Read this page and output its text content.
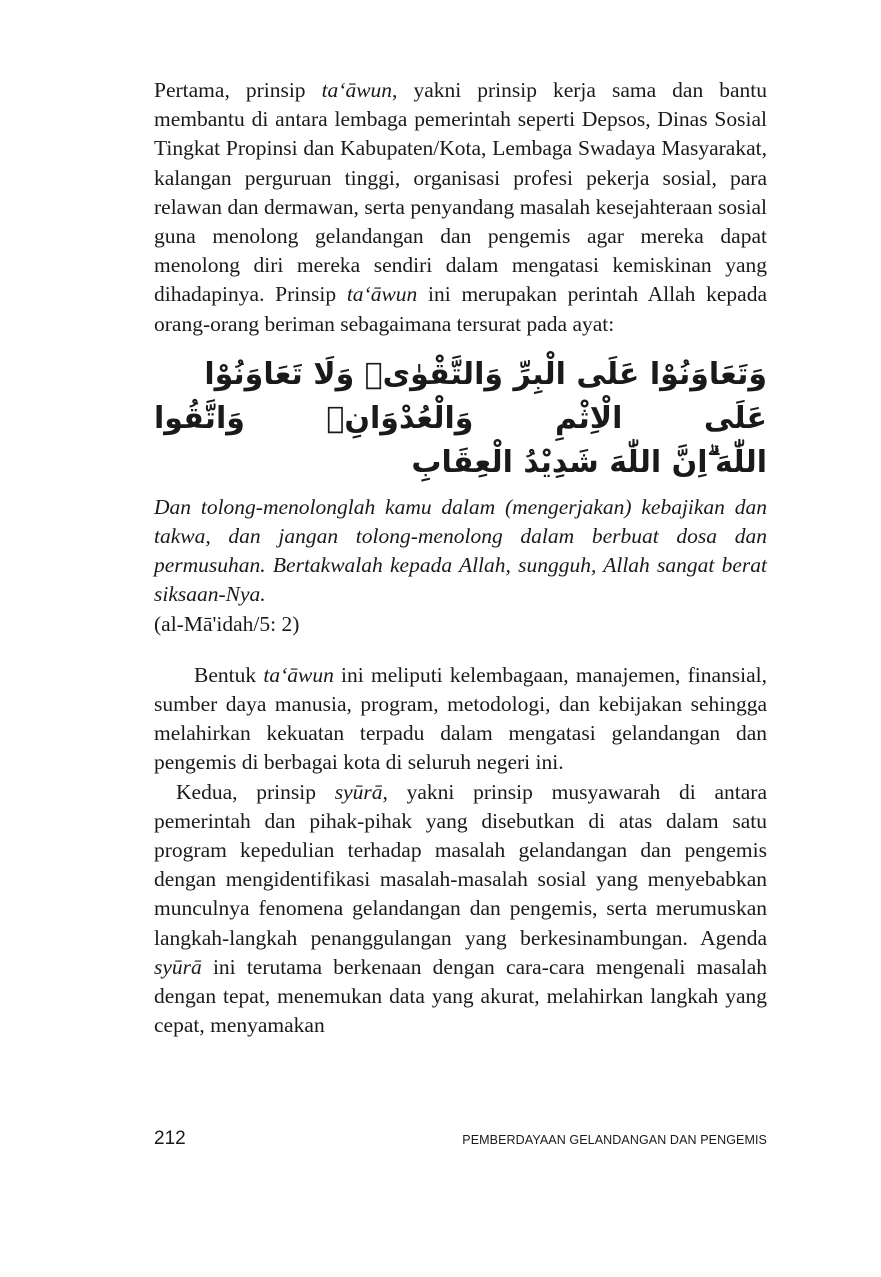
Pertama, prinsip taʻāwun, yakni prinsip kerja sama dan bantu membantu di antara lembaga pemerintah seperti Depsos, Dinas Sosial Tingkat Propinsi dan Kabupaten/Kota, Lembaga Swadaya Masyarakat, kalangan perguruan tinggi, organisasi profesi pekerja sosial, para relawan dan dermawan, serta penyandang masalah kesejahteraan sosial guna menolong gelandangan dan pengemis agar mereka dapat menolong diri mereka sendiri dalam mengatasi kemiskinan yang dihadapinya. Prinsip taʻāwun ini merupakan perintah Allah kepada orang-orang beriman sebagaimana tersurat pada ayat:

وَتَعَاوَنُوْا عَلَى الْبِرِّ وَالتَّقْوٰىۖ وَلَا تَعَاوَنُوْا عَلَى الْاِثْمِ وَالْعُدْوَانِۖ وَاتَّقُوا
اللّٰهَ ۗاِنَّ اللّٰهَ شَدِيْدُ الْعِقَابِ

Dan tolong-menolonglah kamu dalam (mengerjakan) kebajikan dan takwa, dan jangan tolong-menolong dalam berbuat dosa dan permusuhan. Bertakwalah kepada Allah, sungguh, Allah sangat berat siksaan-Nya.
(al-Mā'idah/5: 2)

Bentuk taʻāwun ini meliputi kelembagaan, manajemen, finansial, sumber daya manusia, program, metodologi, dan kebijakan sehingga melahirkan kekuatan terpadu dalam mengatasi gelandangan dan pengemis di berbagai kota di seluruh negeri ini.

Kedua, prinsip syūrā, yakni prinsip musyawarah di antara pemerintah dan pihak-pihak yang disebutkan di atas dalam satu program kepedulian terhadap masalah gelandangan dan pengemis dengan mengidentifikasi masalah-masalah sosial yang menyebabkan munculnya fenomena gelandangan dan pengemis, serta merumuskan langkah-langkah penanggulangan yang berkesinambungan. Agenda syūrā ini terutama berkenaan dengan cara-cara mengenali masalah dengan tepat, menemukan data yang akurat, melahirkan langkah yang cepat, menyamakan

212	PEMBERDAYAAN GELANDANGAN DAN PENGEMIS
